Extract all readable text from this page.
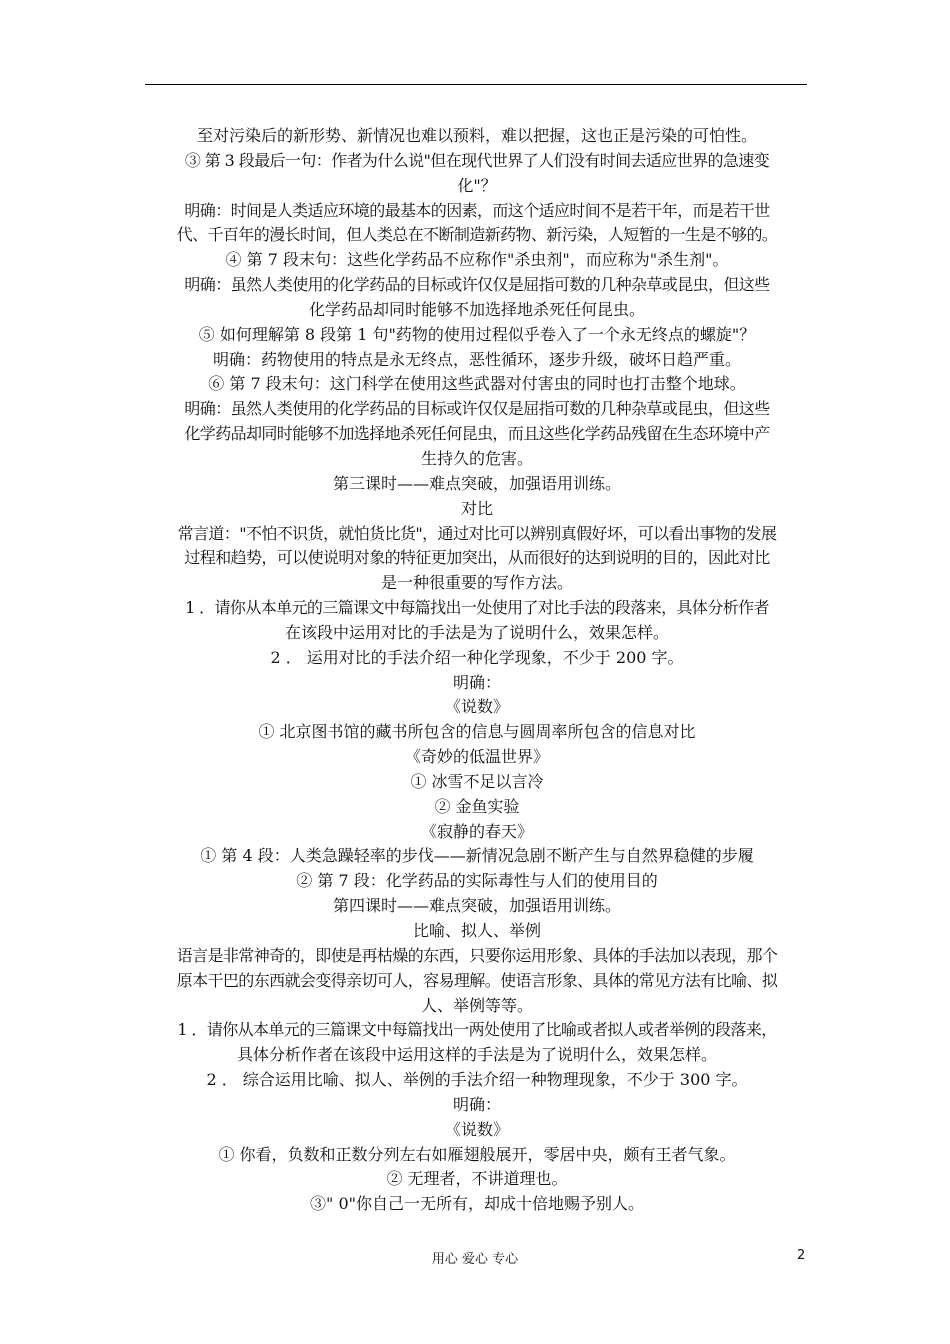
至对污染后的新形势、新情况也难以预料，难以把握，这也正是污染的可怕性。
③ 第 3 段最后一句：作者为什么说"但在现代世界了人们没有时间去适应世界的急速变
化"？
明确：时间是人类适应环境的最基本的因素，而这个适应时间不是若干年，而是若干世
代、千百年的漫长时间，但人类总在不断制造新药物、新污染，人短暂的一生是不够的。
④ 第 7 段末句：这些化学药品不应称作"杀虫剂"，而应称为"杀生剂"。
明确：虽然人类使用的化学药品的目标或许仅仅是屈指可数的几种杂草或昆虫，但这些
化学药品却同时能够不加选择地杀死任何昆虫。
⑤ 如何理解第 8 段第 1 句"药物的使用过程似乎卷入了一个永无终点的螺旋"？
明确：药物使用的特点是永无终点，恶性循环，逐步升级，破坏日趋严重。
⑥ 第 7 段末句：这门科学在使用这些武器对付害虫的同时也打击整个地球。
明确：虽然人类使用的化学药品的目标或许仅仅是屈指可数的几种杂草或昆虫，但这些
化学药品却同时能够不加选择地杀死任何昆虫，而且这些化学药品残留在生态环境中产
生持久的危害。
第三课时——难点突破，加强语用训练。
对比
常言道："不怕不识货，就怕货比货"，通过对比可以辨别真假好坏，可以看出事物的发展
过程和趋势，可以使说明对象的特征更加突出，从而很好的达到说明的目的，因此对比
是一种很重要的写作方法。
1 ．请你从本单元的三篇课文中每篇找出一处使用了对比手法的段落来，具体分析作者
在该段中运用对比的手法是为了说明什么，效果怎样。
2 ． 运用对比的手法介绍一种化学现象，不少于 200 字。
明确：
《说数》
① 北京图书馆的藏书所包含的信息与圆周率所包含的信息对比
《奇妙的低温世界》
① 冰雪不足以言冷
② 金鱼实验
《寂静的春天》
① 第 4 段：人类急躁轻率的步伐——新情况急剧不断产生与自然界稳健的步履
② 第 7 段：化学药品的实际毒性与人们的使用目的
第四课时——难点突破，加强语用训练。
比喻、拟人、举例
语言是非常神奇的，即使是再枯燥的东西，只要你运用形象、具体的手法加以表现，那个
原本干巴的东西就会变得亲切可人，容易理解。使语言形象、具体的常见方法有比喻、拟
人、举例等等。
1 ．请你从本单元的三篇课文中每篇找出一两处使用了比喻或者拟人或者举例的段落来，
具体分析作者在该段中运用这样的手法是为了说明什么，效果怎样。
2 ． 综合运用比喻、拟人、举例的手法介绍一种物理现象，不少于 300 字。
明确：
《说数》
① 你看，负数和正数分列左右如雁翅般展开，零居中央，颇有王者气象。
② 无理者，不讲道理也。
③" 0"你自己一无所有，却成十倍地赐予别人。
用心 爱心 专心	2
